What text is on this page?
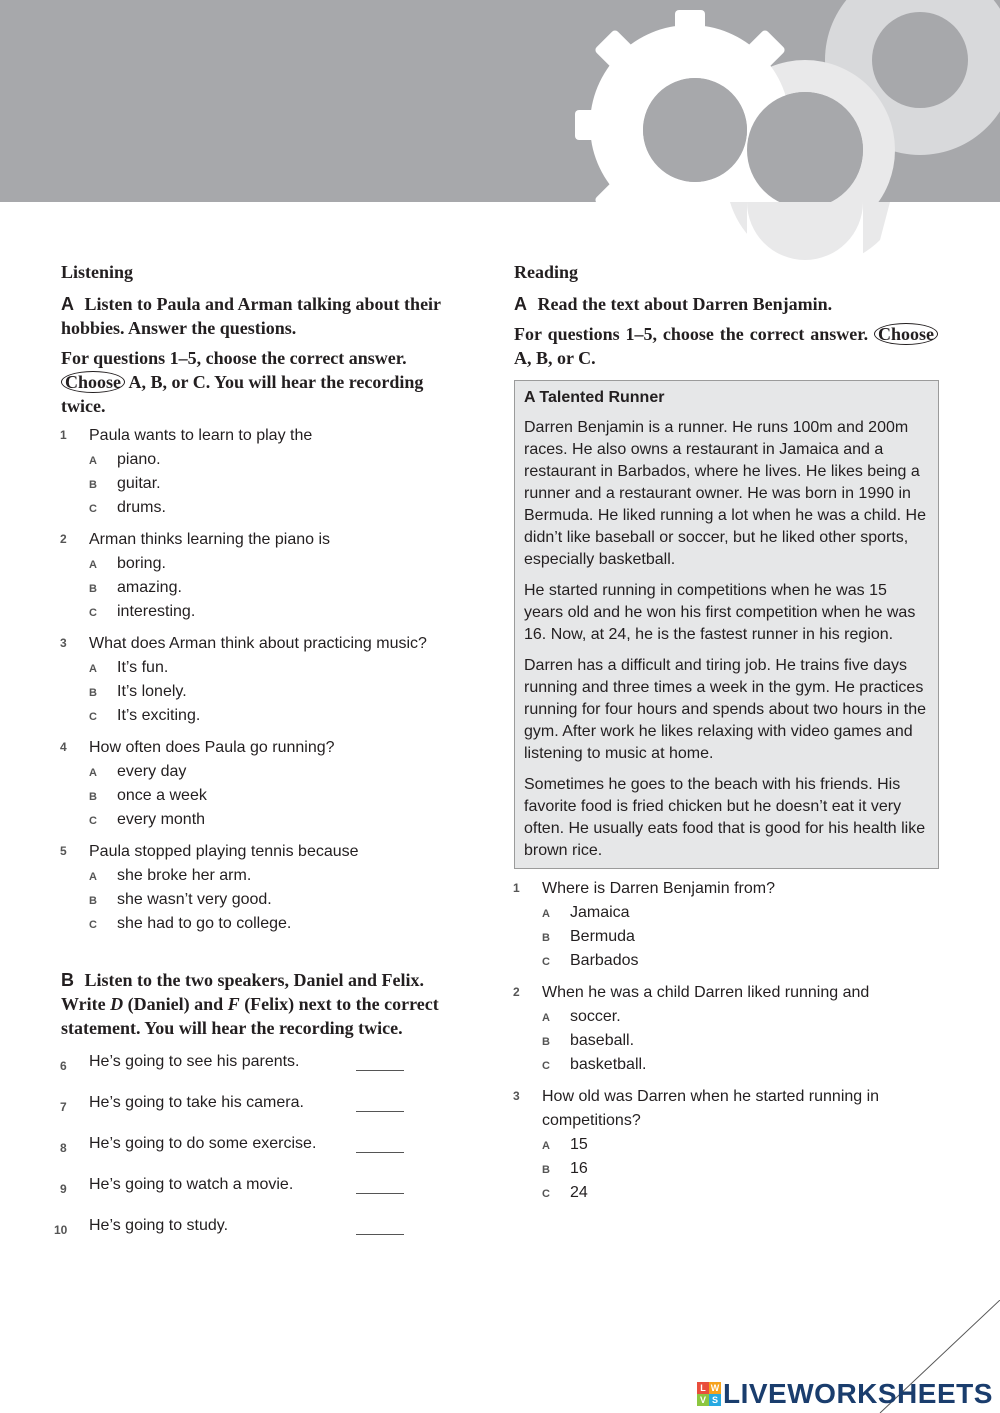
Listening
A Listen to Paula and Arman talking about their hobbies. Answer the questions.
For questions 1–5, choose the correct answer. Choose A, B, or C. You will hear the recording twice.
1	Paula wants to learn to play the
A piano.
B guitar.
C drums.
2	Arman thinks learning the piano is
A boring.
B amazing.
C interesting.
3	What does Arman think about practicing music?
A It’s fun.
B It’s lonely.
C It’s exciting.
4	How often does Paula go running?
A every day
B once a week
C every month
5	Paula stopped playing tennis because
A she broke her arm.
B she wasn’t very good.
C she had to go to college.
B Listen to the two speakers, Daniel and Felix. Write D (Daniel) and F (Felix) next to the correct statement. You will hear the recording twice.
6 He’s going to see his parents.
7 He’s going to take his camera.
8 He’s going to do some exercise.
9 He’s going to watch a movie.
10 He’s going to study.
Reading
A Read the text about Darren Benjamin.
For questions 1–5, choose the correct answer. Choose A, B, or C.
A Talented Runner

Darren Benjamin is a runner. He runs 100m and 200m races. He also owns a restaurant in Jamaica and a restaurant in Barbados, where he lives. He likes being a runner and a restaurant owner. He was born in 1990 in Bermuda. He liked running a lot when he was a child. He didn’t like baseball or soccer, but he liked other sports, especially basketball.

He started running in competitions when he was 15 years old and he won his first competition when he was 16. Now, at 24, he is the fastest runner in his region.

Darren has a difficult and tiring job. He trains five days running and three times a week in the gym. He practices running for four hours and spends about two hours in the gym. After work he likes relaxing with video games and listening to music at home.

Sometimes he goes to the beach with his friends. His favorite food is fried chicken but he doesn’t eat it very often. He usually eats food that is good for his health like brown rice.

1	Where is Darren Benjamin from?
A Jamaica
B Bermuda
C Barbados
2	When he was a child Darren liked running and
A soccer.
B baseball.
C basketball.
3	How old was Darren when he started running in competitions?
A 15
B 16
C 24
L W
V S LIVEWORKSHEETS
